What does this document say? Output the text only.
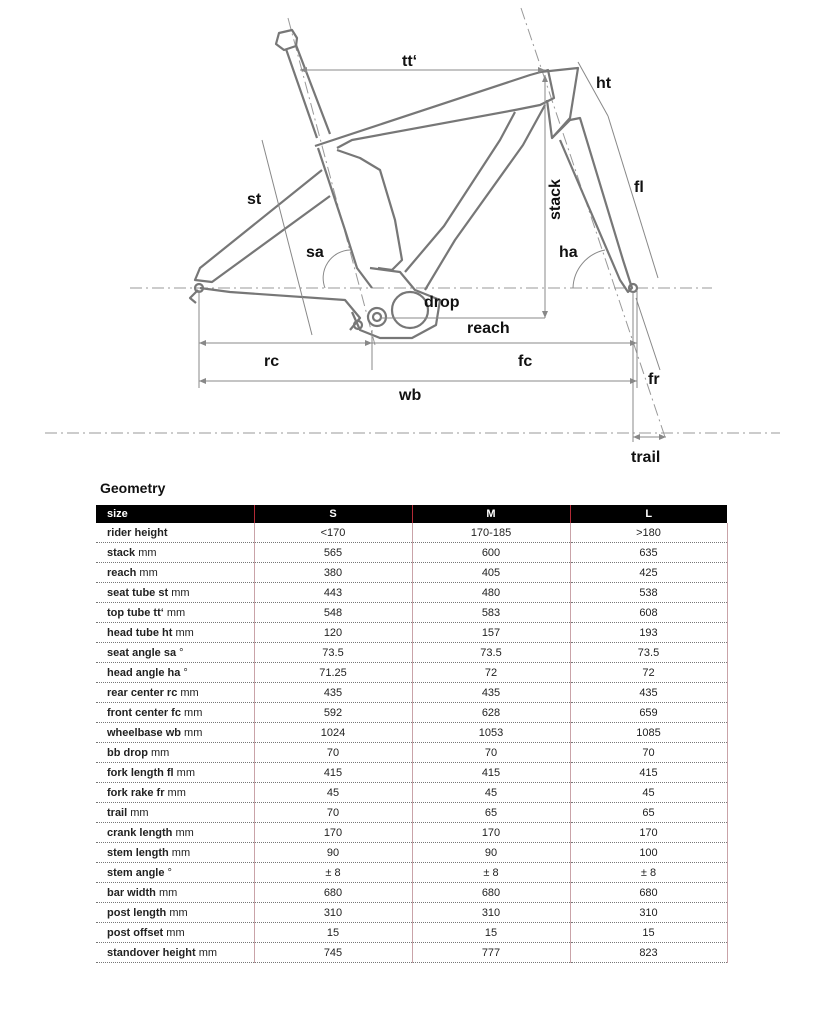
tt‘
ht
st	stack	fl
sa	ha
drop
reach
rc	fc
fr
wb
trail
Geometry
size	S	M	L
rider height	<170	170-185	>180
stack mm	565	600	635
reach mm	380	405	425
seat tube st mm	443	480	538
top tube tt‘ mm	548	583	608
head tube ht mm	120	157	193
seat angle sa °	73.5	73.5	73.5
head angle ha °	71.25	72	72
rear center rc mm	435	435	435
front center fc mm	592	628	659
wheelbase wb mm	1024	1053	1085
bb drop mm	70	70	70
fork length fl mm	415	415	415
fork rake fr mm	45	45	45
trail mm	70	65	65
crank length mm	170	170	170
stem length mm	90	90	100
stem angle °	± 8	± 8	± 8
bar width mm	680	680	680
post length mm	310	310	310
post offset mm	15	15	15
standover height mm	745	777	823
